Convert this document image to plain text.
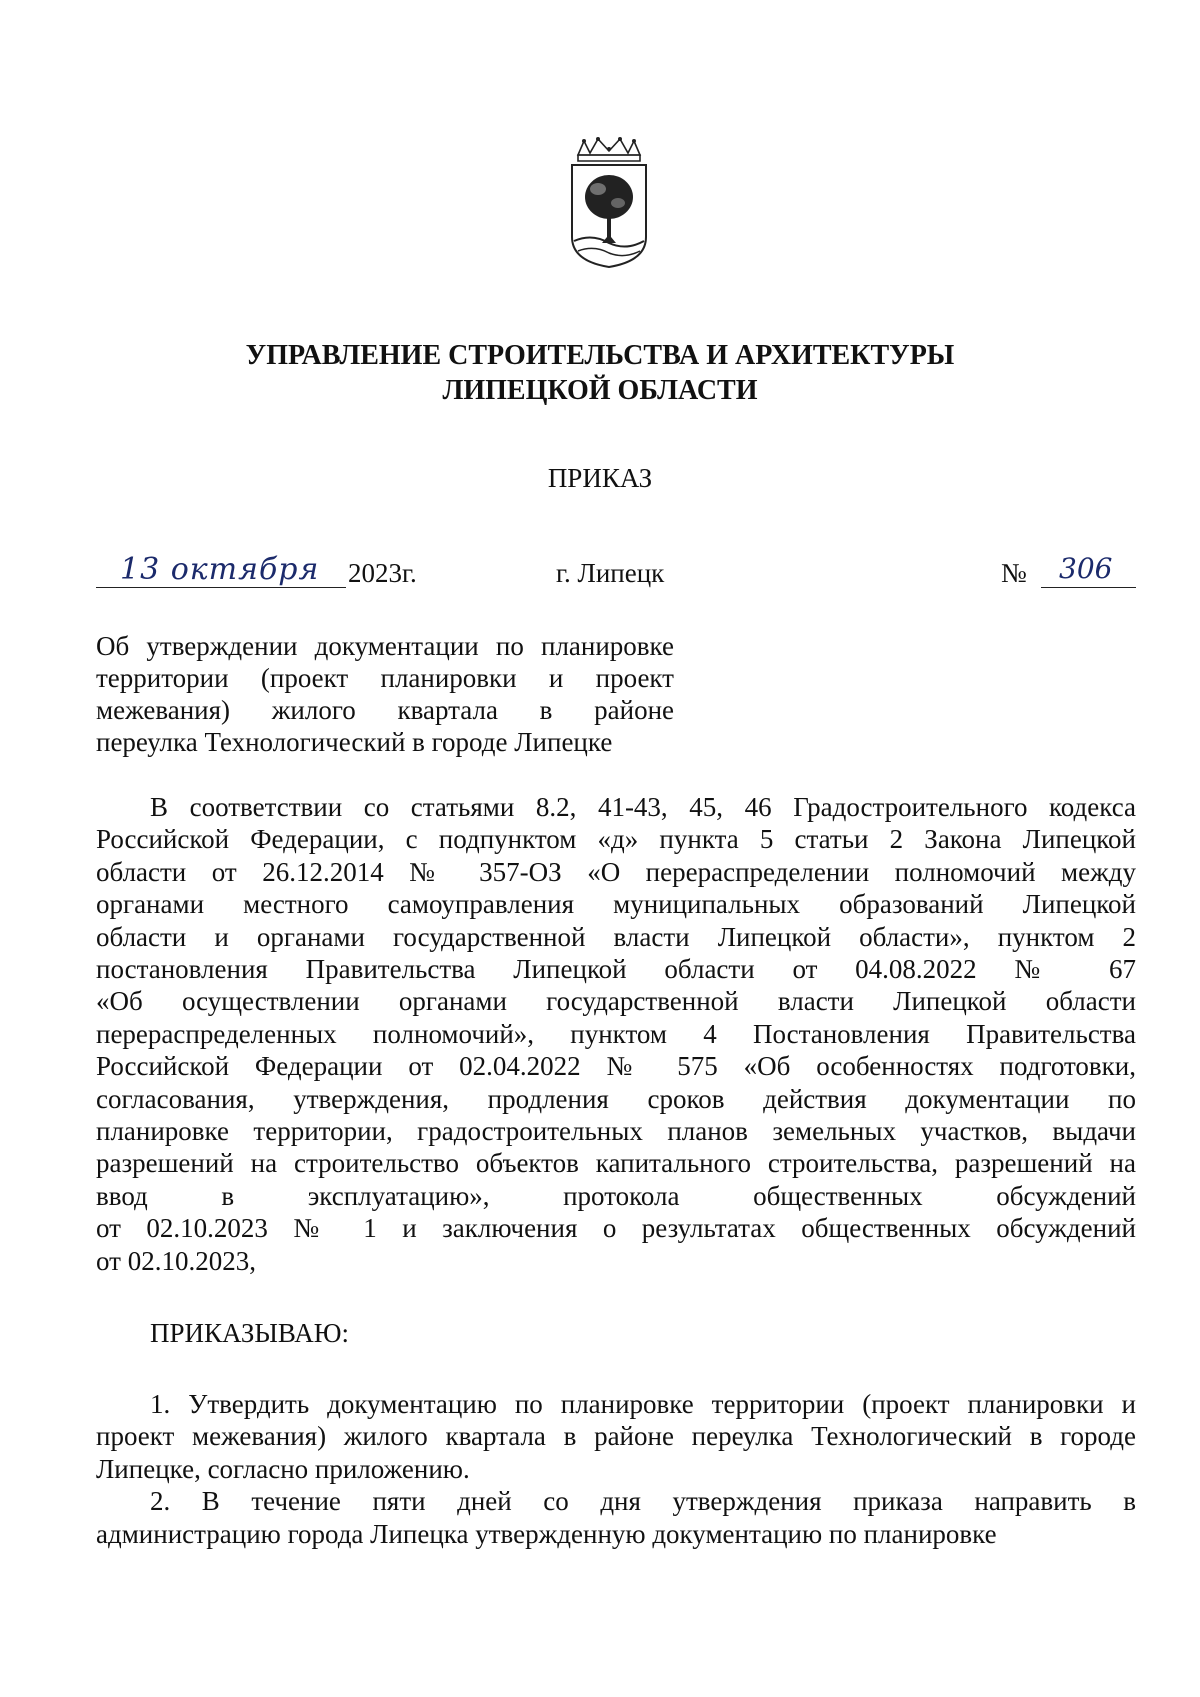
УПРАВЛЕНИЕ СТРОИТЕЛЬСТВА И АРХИТЕКТУРЫ
ЛИПЕЦКОЙ ОБЛАСТИ
ПРИКАЗ
13 октября	2023г.	г. Липецк	№	306
Об утверждении документации по планировке
территории (проект планировки и проект
межевания) жилого квартала в районе
переулка Технологический в городе Липецке
В соответствии со статьями 8.2, 41-43, 45, 46 Градостроительного кодекса
Российской Федерации, с подпунктом «д» пункта 5 статьи 2 Закона Липецкой
области от 26.12.2014 № 357-ОЗ «О перераспределении полномочий между
органами местного самоуправления муниципальных образований Липецкой
области и органами государственной власти Липецкой области», пунктом 2
постановления Правительства Липецкой области от 04.08.2022 № 67
«Об осуществлении органами государственной власти Липецкой области
перераспределенных полномочий», пунктом 4 Постановления Правительства
Российской Федерации от 02.04.2022 № 575 «Об особенностях подготовки,
согласования, утверждения, продления сроков действия документации по
планировке территории, градостроительных планов земельных участков, выдачи
разрешений на строительство объектов капитального строительства, разрешений на
ввод в эксплуатацию», протокола общественных обсуждений
от 02.10.2023 № 1 и заключения о результатах общественных обсуждений
от 02.10.2023,
ПРИКАЗЫВАЮ:
1. Утвердить документацию по планировке территории (проект планировки и
проект межевания) жилого квартала в районе переулка Технологический в городе
Липецке, согласно приложению.
2. В течение пяти дней со дня утверждения приказа направить в
администрацию города Липецка утвержденную документацию по планировке
